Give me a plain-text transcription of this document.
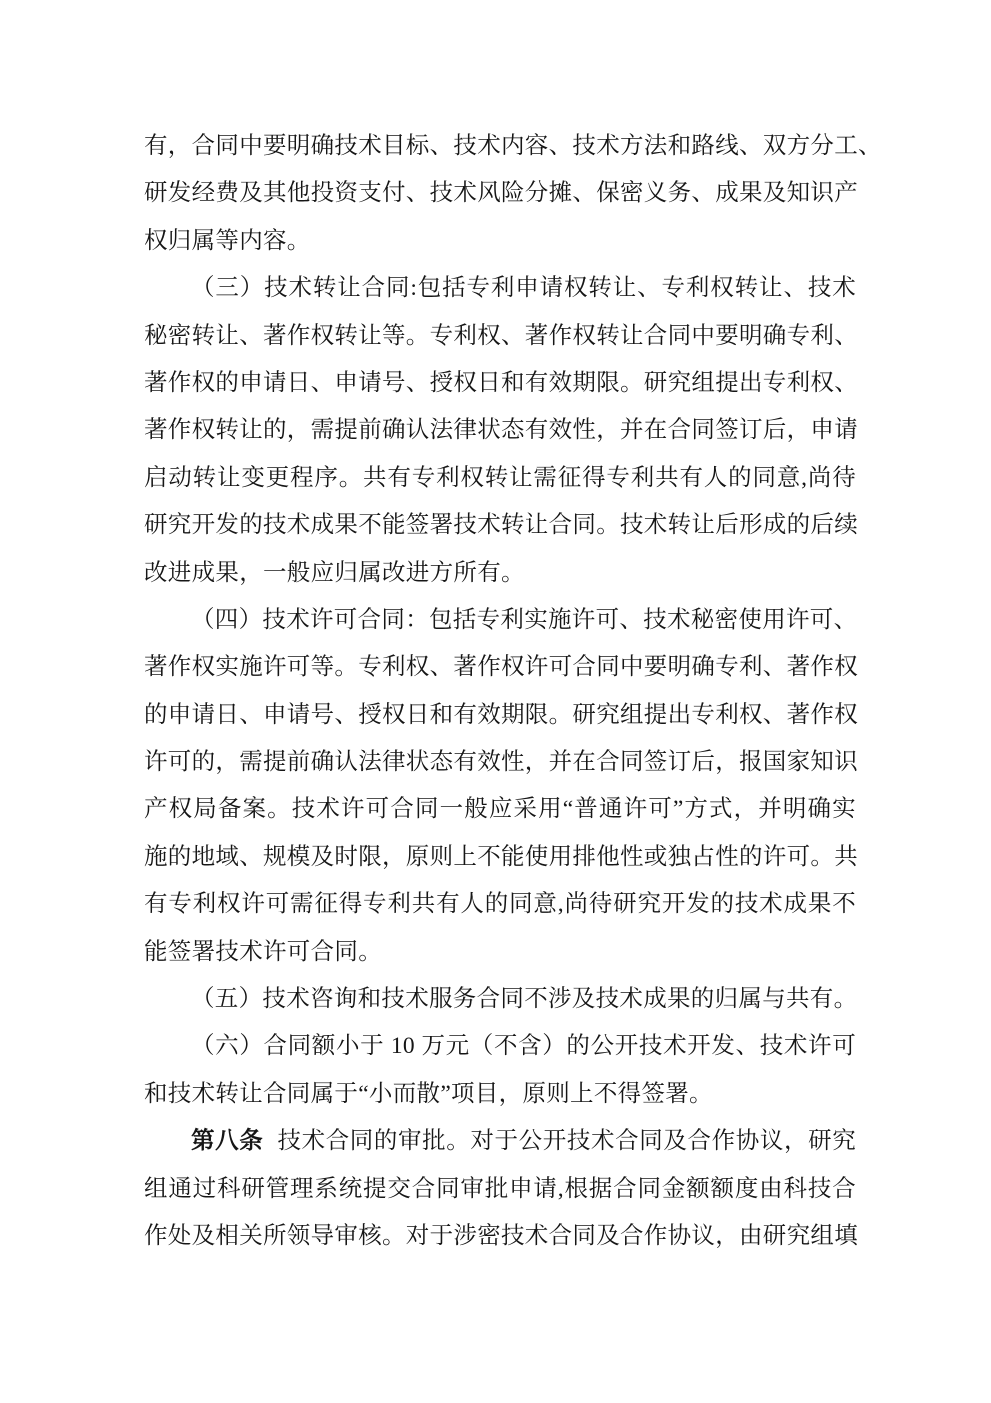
有，合同中要明确技术目标、技术内容、技术方法和路线、双方分工、
研发经费及其他投资支付、技术风险分摊、保密义务、成果及知识产
权归属等内容。
（三）技术转让合同:包括专利申请权转让、专利权转让、技术
秘密转让、著作权转让等。专利权、著作权转让合同中要明确专利、
著作权的申请日、申请号、授权日和有效期限。研究组提出专利权、
著作权转让的，需提前确认法律状态有效性，并在合同签订后，申请
启动转让变更程序。共有专利权转让需征得专利共有人的同意,尚待
研究开发的技术成果不能签署技术转让合同。技术转让后形成的后续
改进成果，一般应归属改进方所有。
（四）技术许可合同：包括专利实施许可、技术秘密使用许可、
著作权实施许可等。专利权、著作权许可合同中要明确专利、著作权
的申请日、申请号、授权日和有效期限。研究组提出专利权、著作权
许可的，需提前确认法律状态有效性，并在合同签订后，报国家知识
产权局备案。技术许可合同一般应采用“普通许可”方式，并明确实
施的地域、规模及时限，原则上不能使用排他性或独占性的许可。共
有专利权许可需征得专利共有人的同意,尚待研究开发的技术成果不
能签署技术许可合同。
（五）技术咨询和技术服务合同不涉及技术成果的归属与共有。
（六）合同额小于 10 万元（不含）的公开技术开发、技术许可
和技术转让合同属于“小而散”项目，原则上不得签署。
第八条 技术合同的审批。对于公开技术合同及合作协议，研究
组通过科研管理系统提交合同审批申请,根据合同金额额度由科技合
作处及相关所领导审核。对于涉密技术合同及合作协议，由研究组填
